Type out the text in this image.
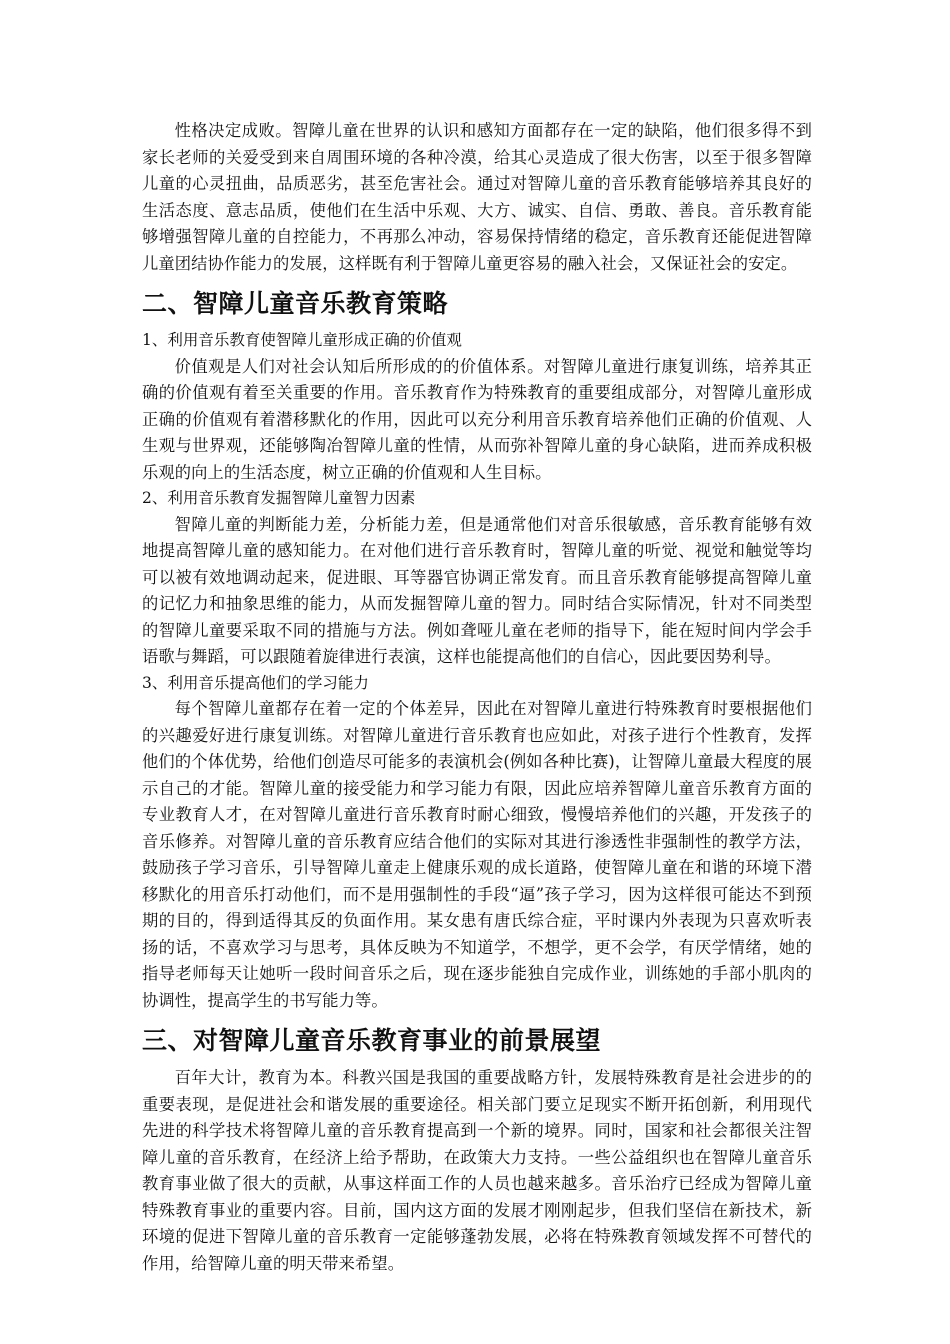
性格决定成败。智障儿童在世界的认识和感知方面都存在一定的缺陷，他们很多得不到家长老师的关爱受到来自周围环境的各种冷漠，给其心灵造成了很大伤害，以至于很多智障儿童的心灵扭曲，品质恶劣，甚至危害社会。通过对智障儿童的音乐教育能够培养其良好的生活态度、意志品质，使他们在生活中乐观、大方、诚实、自信、勇敢、善良。音乐教育能够增强智障儿童的自控能力，不再那么冲动，容易保持情绪的稳定，音乐教育还能促进智障儿童团结协作能力的发展，这样既有利于智障儿童更容易的融入社会，又保证社会的安定。

二、智障儿童音乐教育策略
1、利用音乐教育使智障儿童形成正确的价值观

价值观是人们对社会认知后所形成的的价值体系。对智障儿童进行康复训练，培养其正确的价值观有着至关重要的作用。音乐教育作为特殊教育的重要组成部分，对智障儿童形成正确的价值观有着潜移默化的作用，因此可以充分利用音乐教育培养他们正确的价值观、人生观与世界观，还能够陶冶智障儿童的性情，从而弥补智障儿童的身心缺陷，进而养成积极乐观的向上的生活态度，树立正确的价值观和人生目标。

2、利用音乐教育发掘智障儿童智力因素

智障儿童的判断能力差，分析能力差，但是通常他们对音乐很敏感，音乐教育能够有效地提高智障儿童的感知能力。在对他们进行音乐教育时，智障儿童的听觉、视觉和触觉等均可以被有效地调动起来，促进眼、耳等器官协调正常发育。而且音乐教育能够提高智障儿童的记忆力和抽象思维的能力，从而发掘智障儿童的智力。同时结合实际情况，针对不同类型的智障儿童要采取不同的措施与方法。例如聋哑儿童在老师的指导下，能在短时间内学会手语歌与舞蹈，可以跟随着旋律进行表演，这样也能提高他们的自信心，因此要因势利导。

3、利用音乐提高他们的学习能力

每个智障儿童都存在着一定的个体差异，因此在对智障儿童进行特殊教育时要根据他们的兴趣爱好进行康复训练。对智障儿童进行音乐教育也应如此，对孩子进行个性教育，发挥他们的个体优势，给他们创造尽可能多的表演机会(例如各种比赛)，让智障儿童最大程度的展示自己的才能。智障儿童的接受能力和学习能力有限，因此应培养智障儿童音乐教育方面的专业教育人才，在对智障儿童进行音乐教育时耐心细致，慢慢培养他们的兴趣，开发孩子的音乐修养。对智障儿童的音乐教育应结合他们的实际对其进行渗透性非强制性的教学方法，鼓励孩子学习音乐，引导智障儿童走上健康乐观的成长道路，使智障儿童在和谐的环境下潜移默化的用音乐打动他们，而不是用强制性的手段“逼”孩子学习，因为这样很可能达不到预期的目的，得到适得其反的负面作用。某女患有唐氏综合症，平时课内外表现为只喜欢听表扬的话，不喜欢学习与思考，具体反映为不知道学，不想学，更不会学，有厌学情绪，她的指导老师每天让她听一段时间音乐之后，现在逐步能独自完成作业，训练她的手部小肌肉的协调性，提高学生的书写能力等。

三、对智障儿童音乐教育事业的前景展望

百年大计，教育为本。科教兴国是我国的重要战略方针，发展特殊教育是社会进步的的重要表现，是促进社会和谐发展的重要途径。相关部门要立足现实不断开拓创新，利用现代先进的科学技术将智障儿童的音乐教育提高到一个新的境界。同时，国家和社会都很关注智障儿童的音乐教育，在经济上给予帮助，在政策大力支持。一些公益组织也在智障儿童音乐教育事业做了很大的贡献，从事这样面工作的人员也越来越多。音乐治疗已经成为智障儿童特殊教育事业的重要内容。目前，国内这方面的发展才刚刚起步，但我们坚信在新技术，新环境的促进下智障儿童的音乐教育一定能够蓬勃发展，必将在特殊教育领域发挥不可替代的作用，给智障儿童的明天带来希望。
